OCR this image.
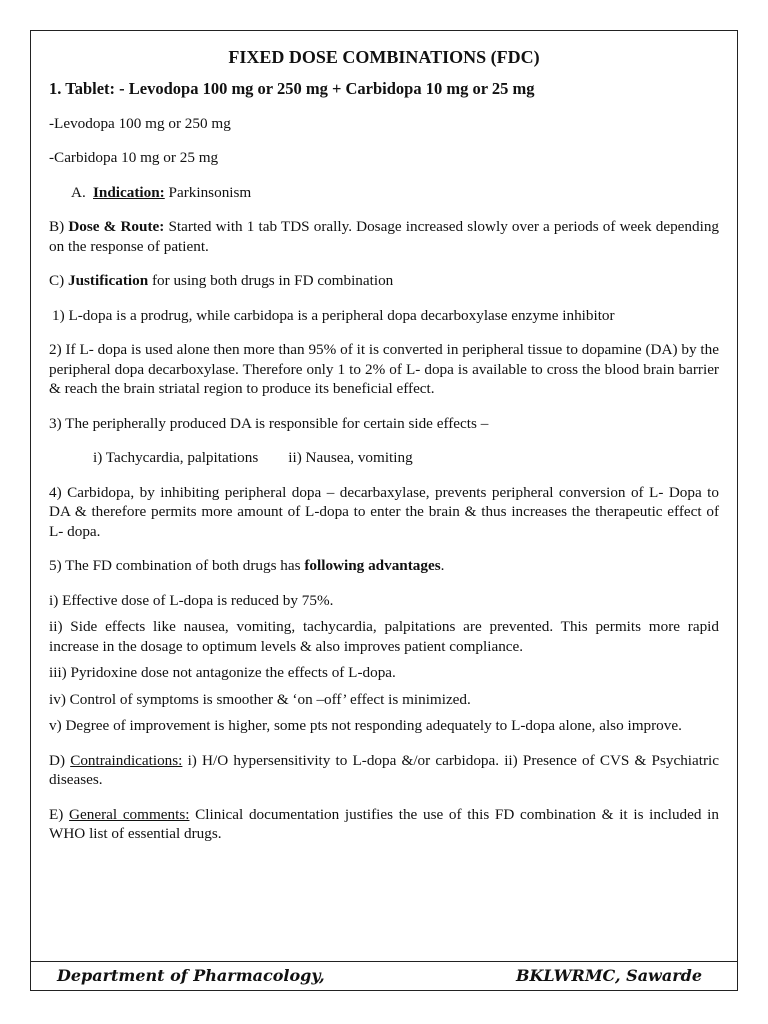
FIXED DOSE COMBINATIONS (FDC)
1. Tablet: - Levodopa 100 mg or 250 mg + Carbidopa 10 mg or 25 mg

-Levodopa 100 mg or 250 mg

-Carbidopa 10 mg or 25 mg

A. Indication: Parkinsonism

B) Dose & Route: Started with 1 tab TDS orally. Dosage increased slowly over a periods of week depending on the response of patient.

C) Justification for using both drugs in FD combination

1) L-dopa is a prodrug, while carbidopa is a peripheral dopa decarboxylase enzyme inhibitor

2) If L- dopa is used alone then more than 95% of it is converted in peripheral tissue to dopamine (DA) by the peripheral dopa decarboxylase. Therefore only 1 to 2% of L- dopa is available to cross the blood brain barrier & reach the brain striatal region to produce its beneficial effect.

3) The peripherally produced DA is responsible for certain side effects –

i) Tachycardia, palpitations ii) Nausea, vomiting

4) Carbidopa, by inhibiting peripheral dopa – decarbaxylase, prevents peripheral conversion of L- Dopa to DA & therefore permits more amount of L-dopa to enter the brain & thus increases the therapeutic effect of L- dopa.

5) The FD combination of both drugs has following advantages.

i) Effective dose of L-dopa is reduced by 75%.

ii) Side effects like nausea, vomiting, tachycardia, palpitations are prevented. This permits more rapid increase in the dosage to optimum levels & also improves patient compliance.

iii) Pyridoxine dose not antagonize the effects of L-dopa.

iv) Control of symptoms is smoother & ‘on –off’ effect is minimized.

v) Degree of improvement is higher, some pts not responding adequately to L-dopa alone, also improve.

D) Contraindications: i) H/O hypersensitivity to L-dopa &/or carbidopa. ii) Presence of CVS & Psychiatric diseases.

E) General comments: Clinical documentation justifies the use of this FD combination & it is included in WHO list of essential drugs.

Department of Pharmacology,	BKLWRMC, Sawarde
